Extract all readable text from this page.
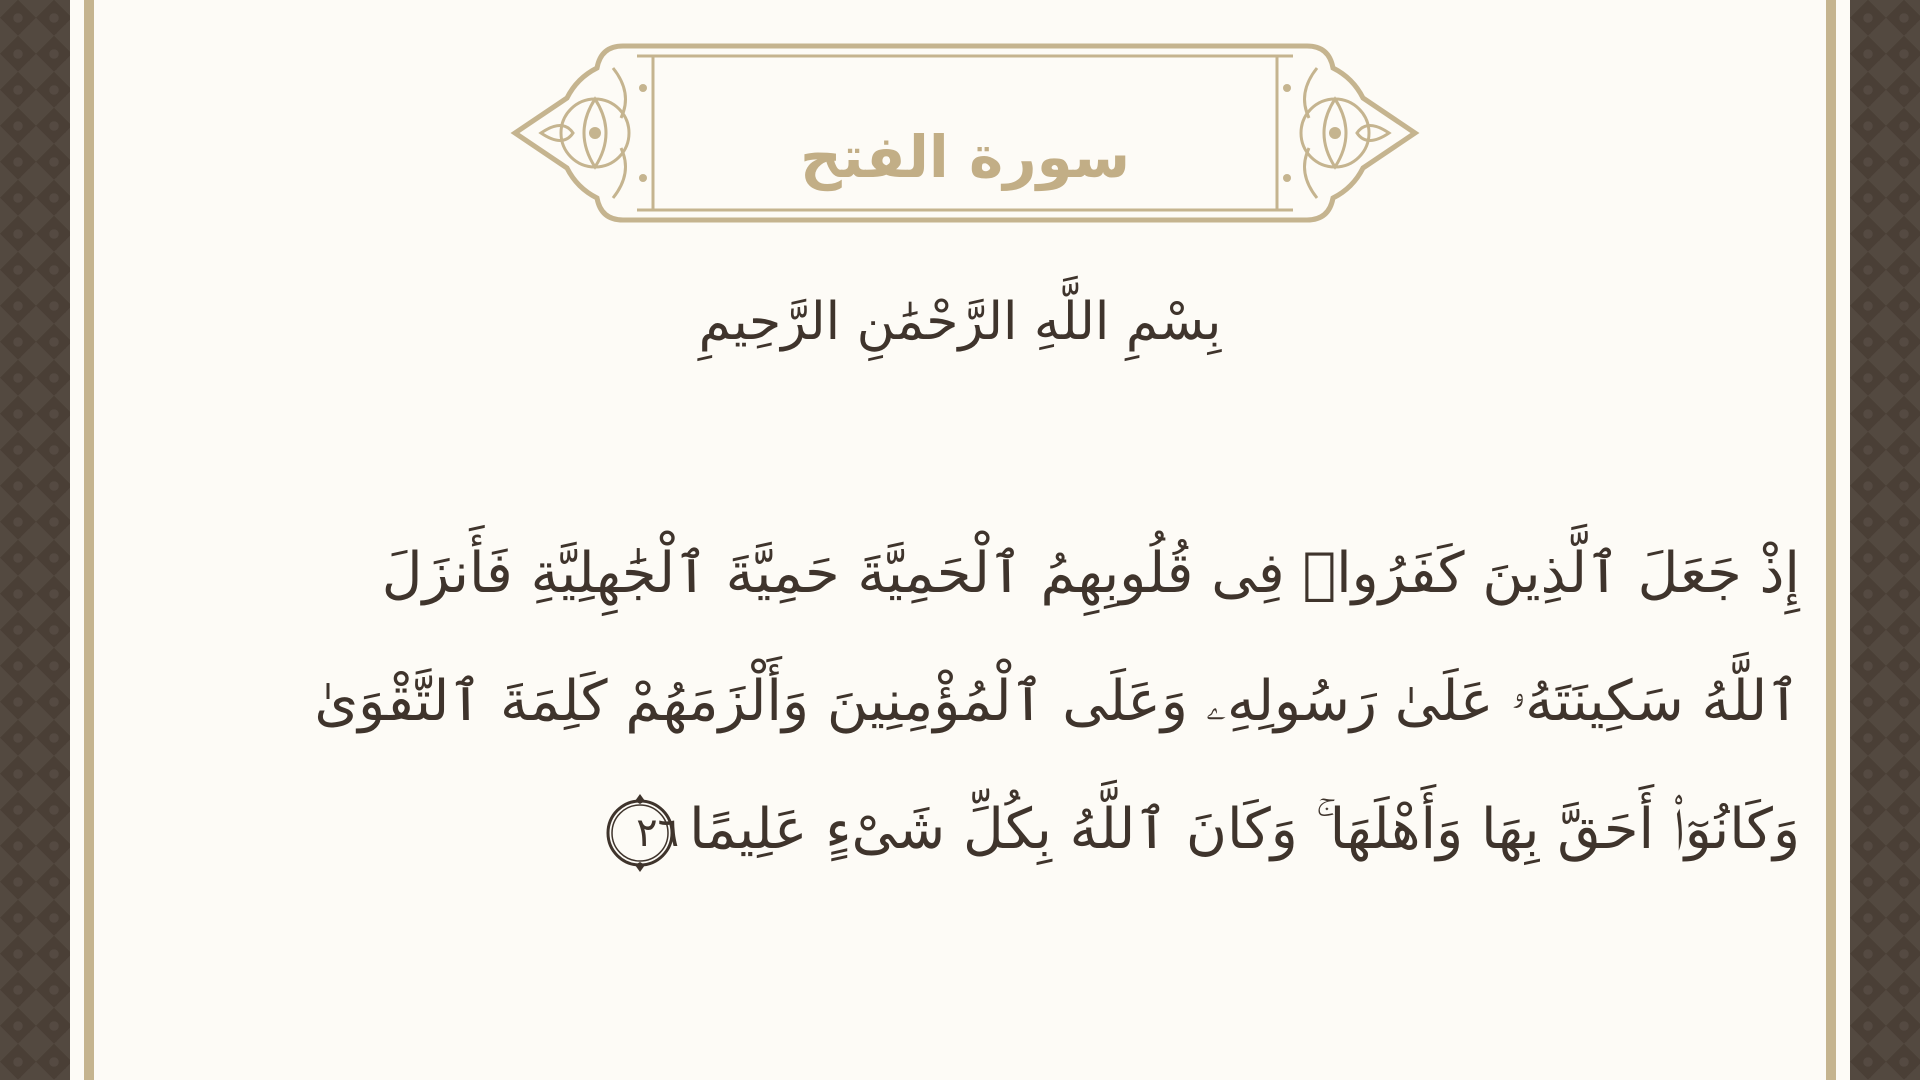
سورة الفتح
بِسْمِ اللَّهِ الرَّحْمَٰنِ الرَّحِيمِ
إِذْ جَعَلَ ٱلَّذِينَ كَفَرُوا۟ فِى قُلُوبِهِمُ ٱلْحَمِيَّةَ حَمِيَّةَ ٱلْجَٰهِلِيَّةِ فَأَنزَلَ
ٱللَّهُ سَكِينَتَهُۥ عَلَىٰ رَسُولِهِۦ وَعَلَى ٱلْمُؤْمِنِينَ وَأَلْزَمَهُمْ كَلِمَةَ ٱلتَّقْوَىٰ
وَكَانُوٓا۟ أَحَقَّ بِهَا وَأَهْلَهَا ۚ وَكَانَ ٱللَّهُ بِكُلِّ شَىْءٍ عَلِيمًا
٢٦
